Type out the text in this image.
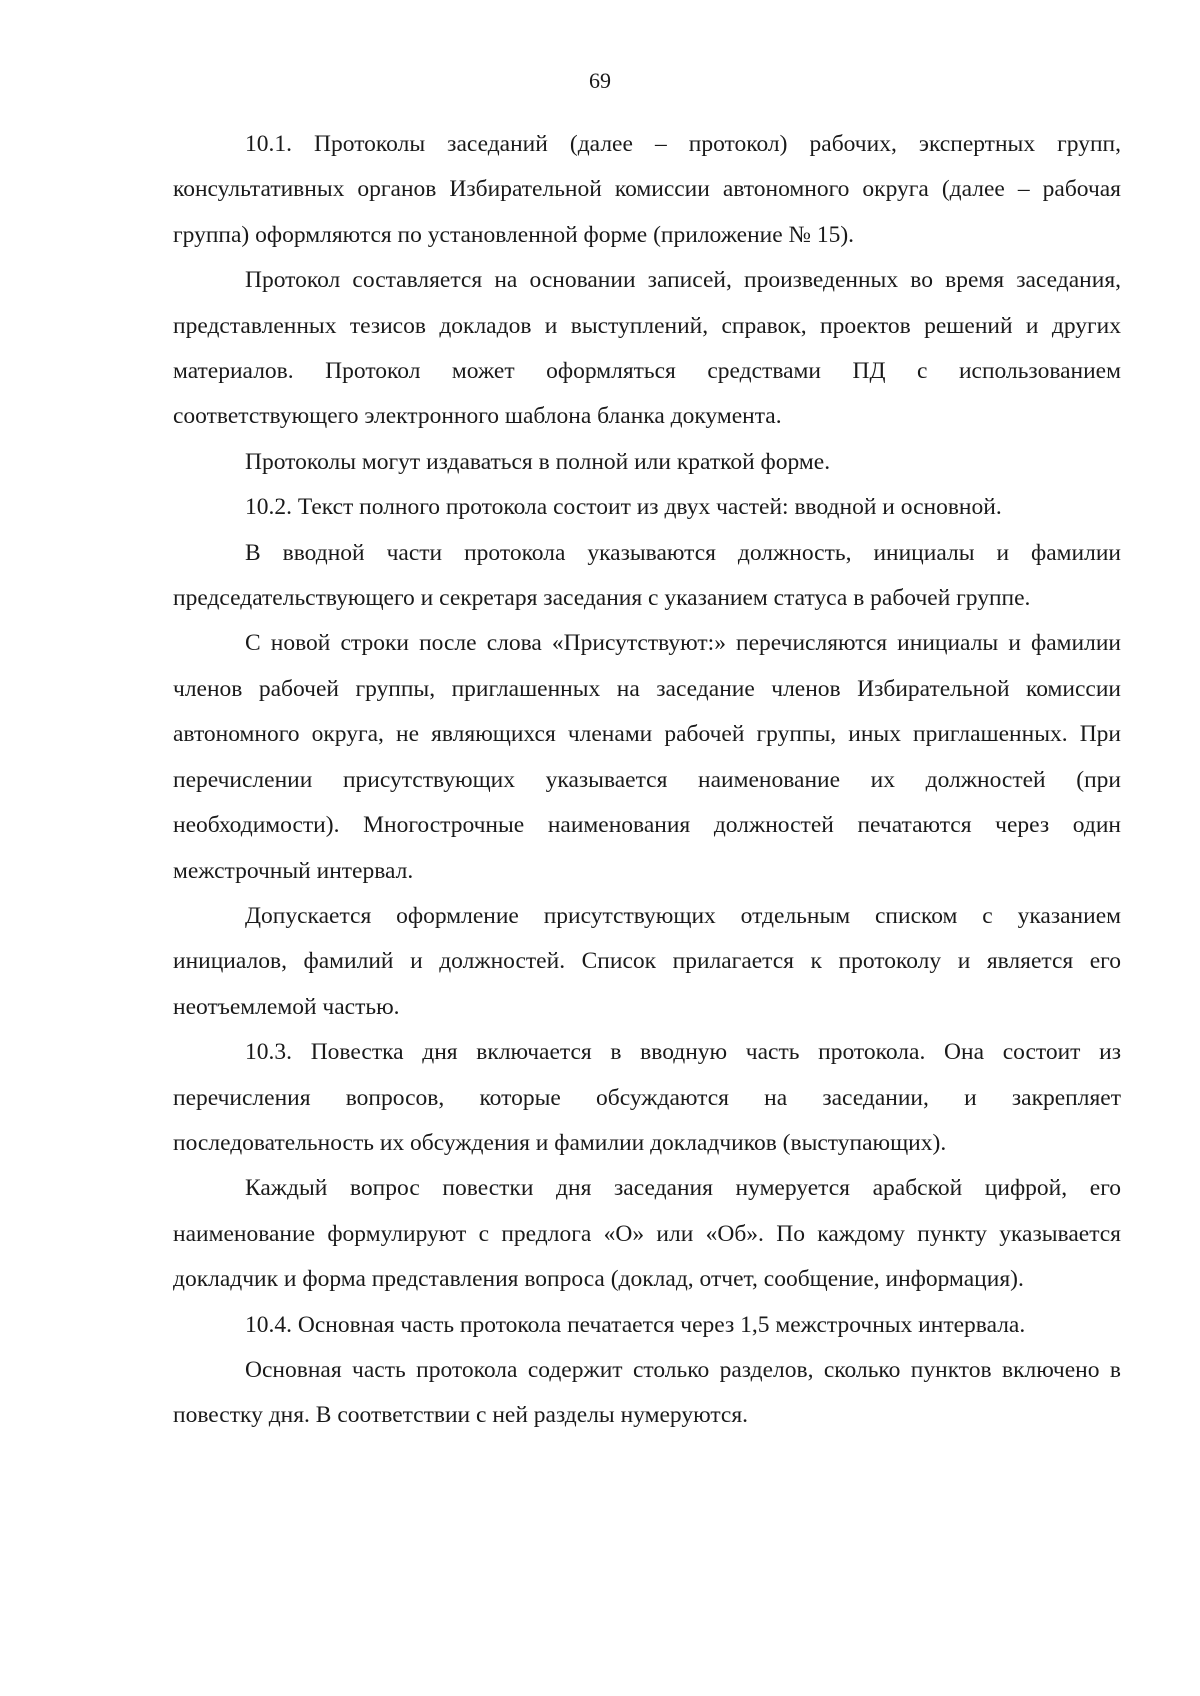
69

10.1. Протоколы заседаний (далее – протокол) рабочих, экспертных групп, консультативных органов Избирательной комиссии автономного округа (далее – рабочая группа) оформляются по установленной форме (приложение № 15).

Протокол составляется на основании записей, произведенных во время заседания, представленных тезисов докладов и выступлений, справок, проектов решений и других материалов. Протокол может оформляться средствами ПД с использованием соответствующего электронного шаблона бланка документа.

Протоколы могут издаваться в полной или краткой форме.

10.2. Текст полного протокола состоит из двух частей: вводной и основной.

В вводной части протокола указываются должность, инициалы и фамилии председательствующего и секретаря заседания с указанием статуса в рабочей группе.

С новой строки после слова «Присутствуют:» перечисляются инициалы и фамилии членов рабочей группы, приглашенных на заседание членов Избирательной комиссии автономного округа, не являющихся членами рабочей группы, иных приглашенных. При перечислении присутствующих указывается наименование их должностей (при необходимости). Многострочные наименования должностей печатаются через один межстрочный интервал.

Допускается оформление присутствующих отдельным списком с указанием инициалов, фамилий и должностей. Список прилагается к протоколу и является его неотъемлемой частью.

10.3. Повестка дня включается в вводную часть протокола. Она состоит из перечисления вопросов, которые обсуждаются на заседании, и закрепляет последовательность их обсуждения и фамилии докладчиков (выступающих).

Каждый вопрос повестки дня заседания нумеруется арабской цифрой, его наименование формулируют с предлога «О» или «Об». По каждому пункту указывается докладчик и форма представления вопроса (доклад, отчет, сообщение, информация).

10.4. Основная часть протокола печатается через 1,5 межстрочных интервала.

Основная часть протокола содержит столько разделов, сколько пунктов включено в повестку дня. В соответствии с ней разделы нумеруются.
